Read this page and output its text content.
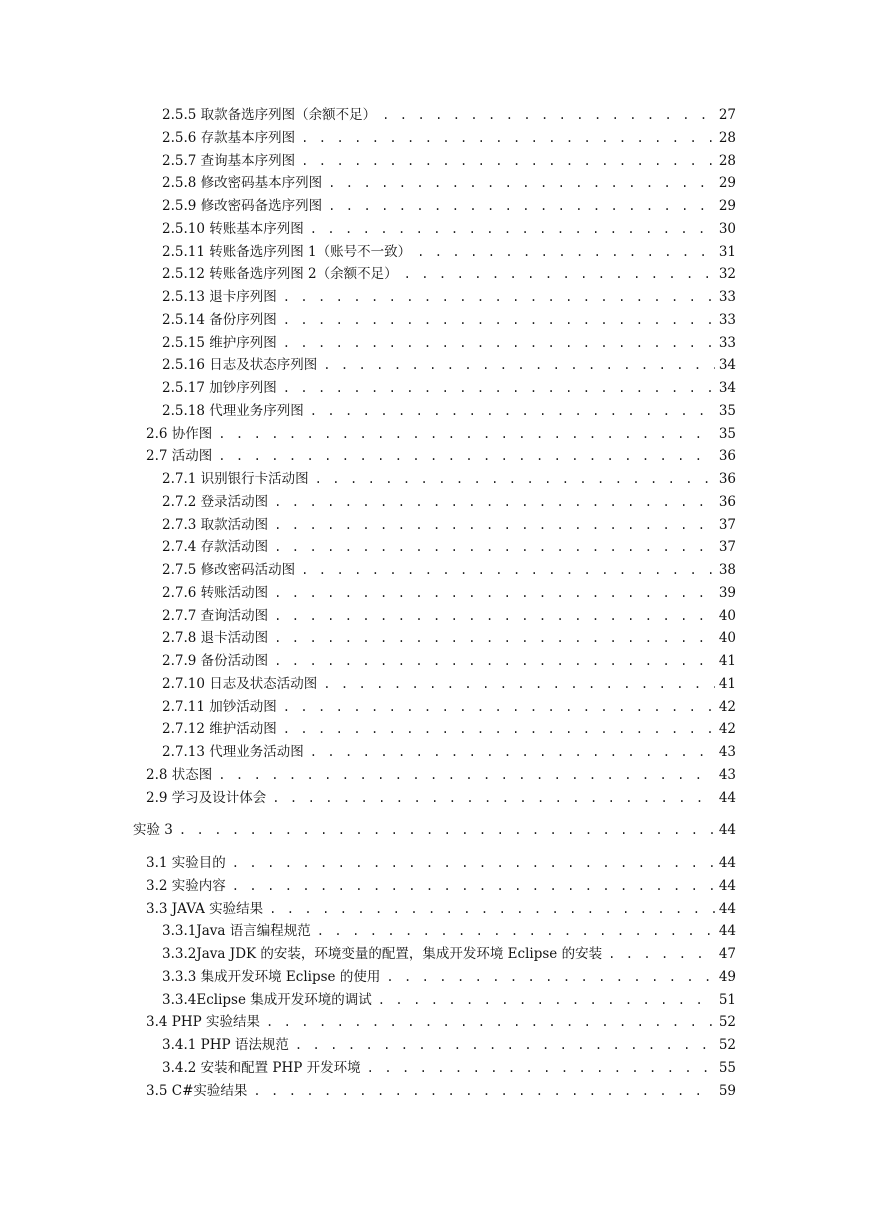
2.5.5 取款备选序列图（余额不足） . . .	27
2.5.6 存款基本序列图 . . .	28
2.5.7 查询基本序列图 . . .	28
2.5.8 修改密码基本序列图 . . .	29
2.5.9 修改密码备选序列图 . . .	29
2.5.10 转账基本序列图 . . .	30
2.5.11 转账备选序列图 1（账号不一致） . . .	31
2.5.12 转账备选序列图 2（余额不足） . . .	32
2.5.13 退卡序列图 . . .	33
2.5.14 备份序列图 . . .	33
2.5.15 维护序列图 . . .	33
2.5.16 日志及状态序列图 . . .	34
2.5.17 加钞序列图 . . .	34
2.5.18 代理业务序列图 . . .	35
2.6 协作图 . . .	35
2.7 活动图 . . .	36
2.7.1 识别银行卡活动图 . . .	36
2.7.2 登录活动图 . . .	36
2.7.3 取款活动图 . . .	37
2.7.4 存款活动图 . . .	37
2.7.5 修改密码活动图 . . .	38
2.7.6 转账活动图 . . .	39
2.7.7 查询活动图 . . .	40
2.7.8 退卡活动图 . . .	40
2.7.9 备份活动图 . . .	41
2.7.10 日志及状态活动图 . . .	41
2.7.11 加钞活动图 . . .	42
2.7.12 维护活动图 . . .	42
2.7.13 代理业务活动图 . . .	43
2.8 状态图 . . .	43
2.9 学习及设计体会 . . .	44
实验 3 . . .	44
3.1 实验目的 . . .	44
3.2 实验内容 . . .	44
3.3 JAVA 实验结果 . . .	44
3.3.1Java 语言编程规范 . . .	44
3.3.2Java JDK 的安装，环境变量的配置，集成开发环境 Eclipse 的安装 . . .	47
3.3.3 集成开发环境 Eclipse 的使用 . . .	49
3.3.4Eclipse 集成开发环境的调试 . . .	51
3.4 PHP 实验结果 . . .	52
3.4.1 PHP 语法规范 . . .	52
3.4.2 安装和配置 PHP 开发环境 . . .	55
3.5 C#实验结果 . . .	59
